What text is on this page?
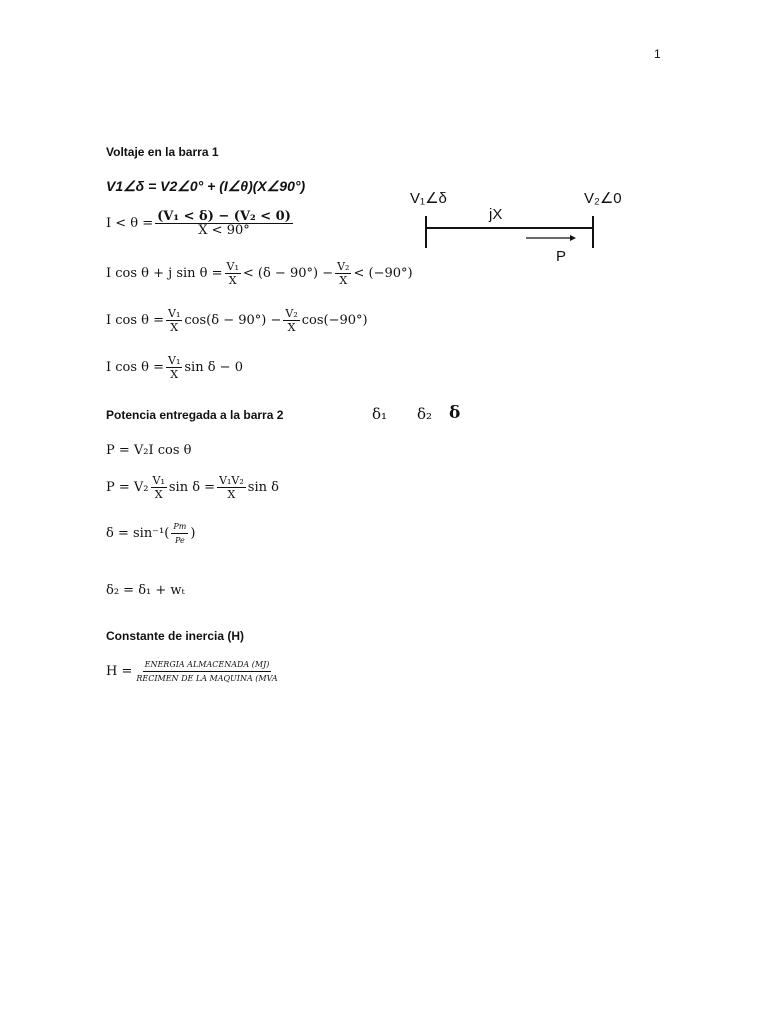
1
Voltaje en la barra 1
V1∠δ = V2∠0° + (I∠θ)(X∠90°)
$I < \theta = \frac{\text{(V₁ < δ) − (V₂ < 0)}}{X < 90^\circ}$
I cos θ + j $\sin \theta = \frac{\text{V₁}}{X} < (\delta - 90^\circ) - \frac{\text{V₂}}{X} < (-90^\circ)$
I $\cos \theta = \frac{\text{V₁}}{X} \cos(\delta - 90^\circ) - \frac{\text{V₂}}{X} \cos(-90^\circ)$
I $\cos \theta = \frac{\text{V₁}}{X}$ sin δ − 0
Potencia entregada a la barra 2	δ₁ δ₂ δ
P = V₂I cos θ
$P = V_2 \frac{\text{V₁}}{X}$ $\sin \delta = \frac{\text{V₁V₂}}{X}$ sin δ
$\delta = \sin^{-1}( \frac{Pm}{Pe}$ )
δ₂ = δ₁ + wₜ
Constante de inercia (H)
$H = \frac{\text{ENERGIA ALMACENADA (MJ)}}{\text{RECIMEN DE LA MAQUINA (MVA}}$
V₁∠δ	V₂∠0
jX
P
